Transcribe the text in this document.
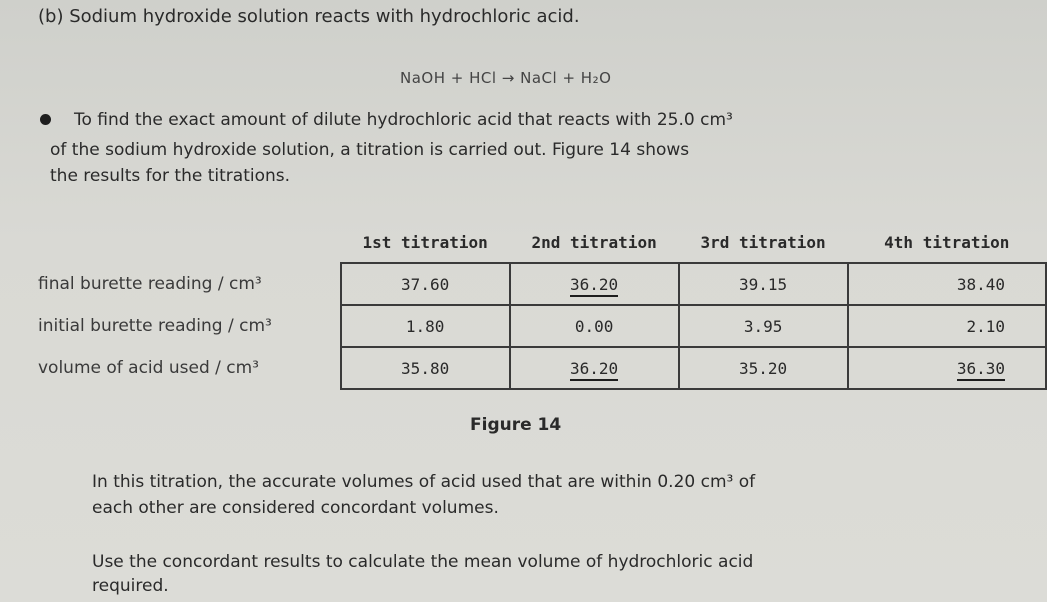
(b) Sodium hydroxide solution reacts with hydrochloric acid.
NaOH + HCl → NaCl + H₂O
To find the exact amount of dilute hydrochloric acid that reacts with 25.0 cm³
of the sodium hydroxide solution, a titration is carried out. Figure 14 shows
the results for the titrations.
	1st titration	2nd titration	3rd titration	4th titration
final burette reading / cm³	37.60	36.20	39.15	38.40
initial burette reading / cm³	1.80	0.00	3.95	2.10
volume of acid used / cm³	35.80	36.20	35.20	36.30
Figure 14
In this titration, the accurate volumes of acid used that are within 0.20 cm³ of
each other are considered concordant volumes.
Use the concordant results to calculate the mean volume of hydrochloric acid
required.
